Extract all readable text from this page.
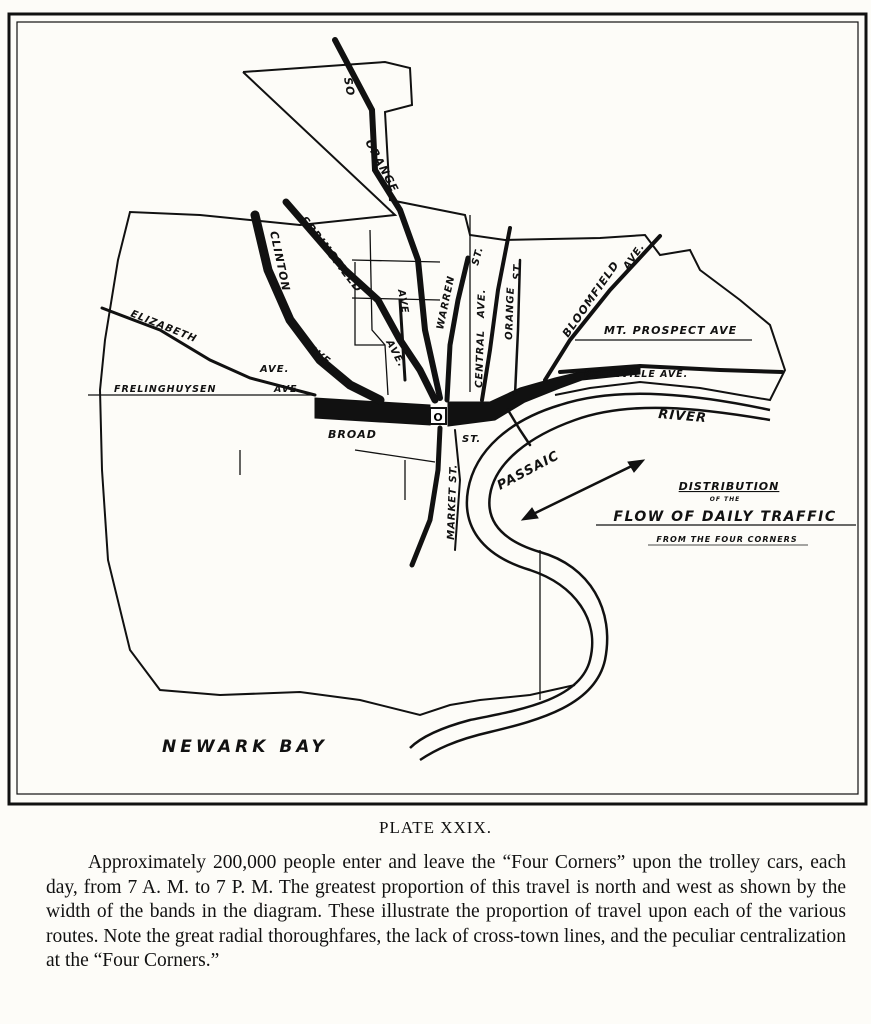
O
SO
ORANGE
CLINTON SPRINGFIELD
AVE.
AVE.
AVE	WARREN
ST.
CENTRAL
AVE. ORANGE
ST.	BLOOMFIELD
AVE.
MT. PROSPECT AVE
BELLEVILLE AVE.
ELIZABETH
AVE.
FRELINGHUYSEN	AVE.
BROAD	ST.
MARKET ST.	PASSAIC
RIVER
NEWARK BAY
DISTRIBUTION
OF THE
FLOW OF DAILY TRAFFIC
FROM THE FOUR CORNERS
PLATE XXIX.

Approximately 200,000 people enter and leave the “Four Corners” upon the trolley cars, each day, from 7 A. M. to 7 P. M. The greatest proportion of this travel is north and west as shown by the width of the bands in the diagram. These illustrate the proportion of travel upon each of the various routes. Note the great radial thoroughfares, the lack of cross-town lines, and the peculiar centralization at the “Four Corners.”
